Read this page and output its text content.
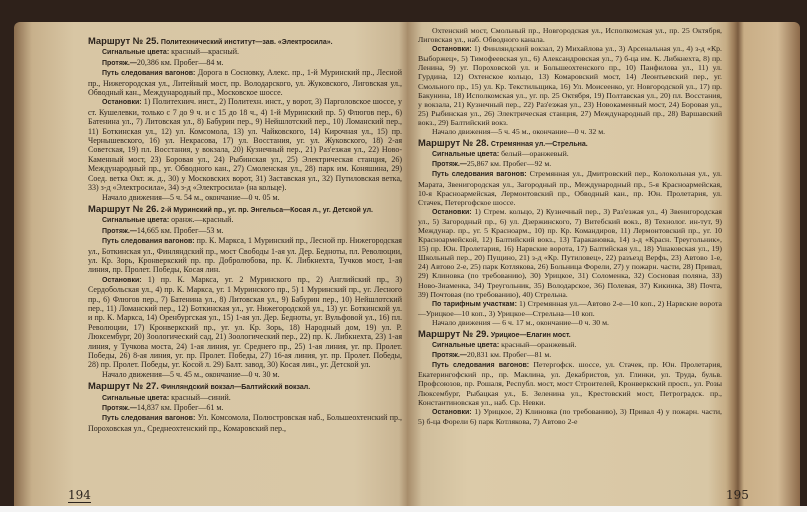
Маршрут № 25. Политехнический институт—зав. «Электросила».

Сигнальные цвета: красный—красный.

Протяж.—20,386 км. Пробег—84 м.

Путь следования вагонов: Дорога в Сосновку, Алекс. пр., 1-й Муринский пр., Лесной пр., Нижегородская ул., Литейный мост, пр. Володарского, ул. Жуковского, Лиговская ул., Обводный кан., Международный пр., Московское шоссе.

Остановки: 1) Политехнич. инст., 2) Политехн. инст., у ворот, 3) Парголовское шоссе, у ст. Кушелевки, только с 7 до 9 ч. и с 15 до 18 ч., 4) 1-й Муринский пр. 5) Флюгов пер., 6) Батенина ул., 7) Литовская ул., 8) Бабурин пер., 9) Нейшлотский пер., 10) Ломанский пер., 11) Боткинская ул., 12) ул. Комсомола, 13) ул. Чайковского, 14) Кирочная ул., 15) пр. Чернышевского, 16) ул. Некрасова, 17) ул. Восстания, уг. ул. Жуковского, 18) 2-ая Советская, 19) пл. Восстания, у вокзала, 20) Кузнечный пер., 21) Раз'езжая ул., 22) Ново-Каменный мост, 23) Боровая ул., 24) Рыбинская ул., 25) Электрическая станция, 26) Международный пр., уг. Обводного кан., 27) Смоленская ул., 28) парк им. Коняшина, 29) Соед. ветка Окт. ж. д., 30) у Московских ворот, 31) Заставская ул., 32) Путиловская ветка, 33) з-д «Электросила», 34) з-д «Электросила» (на кольце).

Начало движения—5 ч. 54 м., окончание—0 ч. 05 м.

Маршрут № 26. 2-й Муринский пр., уг. пр. Энгельса—Косая л., уг. Детской ул.

Сигнальные цвета: оранж.—красный.

Протяж.—14,665 км. Пробег—53 м.

Путь следования вагонов: пр. К. Маркса, 1 Муринский пр., Лесной пр. Нижегородская ул., Боткинская ул., Финляндский пр., мост Свободы 1-ая ул. Дер. Бедноты, пл. Революции, ул. Кр. Зорь, Кронверкский пр. пр. Добролюбова, пр. К. Либкнехта, Тучков мост, 1-ая линия, пр. Пролет. Победы, Косая лин.

Остановки: 1) пр. К. Маркса, уг. 2 Муринского пр., 2) Английский пр., 3) Сердобольская ул., 4) пр. К. Маркса, уг. 1 Муринского пр., 5) 1 Муринский пр., уг. Лесного пр., 6) Флюгов пер., 7) Батенина ул., 8) Литовская ул., 9) Бабурин пер., 10) Нейшлотский пер., 11) Ломанский пер., 12) Боткинская ул., уг. Нижегородской ул., 13) уг. Боткинской ул. и пр. К. Маркса, 14) Оренбургская ул., 15) 1-ая ул. Дер. Бедноты, уг. Вульфовой ул., 16) пл. Революции, 17) Кронверкский пр., уг. ул. Кр. Зорь, 18) Народный дом, 19) ул. Р. Люксембург, 20) Зоологический сад, 21) Зоологический пер., 22) пр. К. Либкнехта, 23) 1-ая линия, у Тучкова моста, 24) 1-ая линия, уг. Среднего пр., 25) 1-ая линия, уг. пр. Пролет. Победы, 26) 8-ая линия, уг. пр. Пролет. Победы, 27) 16-ая линия, уг. пр. Пролет. Победы, 28) пр. Пролет. Победы, уг. Косой л. 29) Балт. завод, 30) Косая лин., уг. Детской ул.

Начало движения—5 ч. 45 м., окончание—0 ч. 30 м.

Маршрут № 27. Финляндский вокзал—Балтийский вокзал.

Сигнальные цвета: красный—синий.

Протяж.—14,837 км. Пробег—61 м.

Путь следования вагонов: Ул. Комсомола, Полюстровская наб., Большеохтенский пр., Пороховская ул., Среднеохтенский пр., Комаровский пер.,

194

Охтенский мост, Смольный пр., Новгородская ул., Исполкомская ул., пр. 25 Октября, Лиговская ул., наб. Обводного канала.

Остановки: 1) Финляндский вокзал, 2) Михайлова ул., 3) Арсенальная ул., 4) з-д «Кр. Выборжец», 5) Тимофеевская ул., 6) Александровская ул., 7) б-ца им. К. Либкнехта, 8) пр. Ленина, 9) уг. Пороховской ул. и Большеохтенского пр., 10) Панфилова ул., 11) ул. Гурдина, 12) Охтенское кольцо, 13) Комаровский мост, 14) Леонтьевский пер., уг. Смольного пр., 15) ул. Кр. Текстильщика, 16) Ул. Моисеенко, уг. Новгородской ул., 17) пр. Бакунина, 18) Исполкомская ул., уг. пр. 25 Октября, 19) Полтавская ул., 20) пл. Восстания, у вокзала, 21) Кузнечный пер., 22) Раз'езжая ул., 23) Новокаменный мост, 24) Боровая ул., 25) Рыбинская ул., 26) Электрическая станция, 27) Международный пр., 28) Варшавский вокз., 29) Балтийский вокз.

Начало движения—5 ч. 45 м., окончание—0 ч. 32 м.

Маршрут № 28. Стремянная ул.—Стрельна.

Сигнальные цвета: белый—оранжевый.

Протяж.—25,867 км. Пробег—92 м.

Путь следования вагонов: Стремянная ул., Дмитровский пер., Колокольная ул., ул. Марата, Звенигородская ул., Загородный пр., Международный пр., 5-я Красноармейская, 10-я Красноармейская, Лермонтовский пр., Обводный кан., пр. Юн. Пролетария, ул. Стачек, Петергофское шоссе.

Остановки: 1) Стрем. кольцо, 2) Кузнечный пер., 3) Раз'езжая ул., 4) Звенигородская ул., 5) Загородный пр., 6) ул. Дзержинского, 7) Витебский вокз., 8) Технолог. ин-тут, 9) Междунар. пр., уг. 5 Красноарм., 10) пр. Кр. Командиров, 11) Лермонтовский пр., уг. 10 Красноармейской, 12) Балтийский вокз., 13) Таракановка, 14) з-д «Красн. Треугольник», 15) пр. Юн. Пролетария, 16) Нарвские ворота, 17) Балтийская ул., 18) Ушаковская ул., 19) Школьный пер., 20) Пущино, 21) з-д «Кр. Путиловец», 22) разъезд Верфь, 23) Автово 1-е, 24) Автово 2-е, 25) парк Котлякова, 26) Больница Форели, 27) у пожарн. части, 28) Привал, 29) Клиновка (по требованию), 30) Урицкое, 31) Соломенка, 32) Сосновая поляна, 33) Ново-Знаменка, 34) Треугольник, 35) Володарское, 36) Полевая, 37) Кикинка, 38) Почта, 39) Почтовая (по требованию), 40) Стрельна.

По тарифным участкам: 1) Стремянная ул.—Автово 2-е—10 коп., 2) Нарвские ворота—Урицкое—10 коп., 3) Урицкое—Стрельна—10 коп.

Начало движения — 6 ч. 17 м., окончание—0 ч. 30 м.

Маршрут № 29. Урицкое—Елагин мост.

Сигнальные цвета: красный—оранжевый.

Протяж.—20,831 км. Пробег—81 м.

Путь следования вагонов: Петергофск. шоссе, ул. Стачек, пр. Юн. Пролетария, Екатерингофский пр., пр. Маклина, ул. Декабристов, ул. Глинки, ул. Труда, бульв. Профсоюзов, пр. Рошаля, Республ. мост, мост Строителей, Кронверкский просп., ул. Розы Люксембург, Рыбацкая ул., Б. Зеленина ул., Крестовский мост, Петроградск. пр., Константиновская ул., наб. Ср. Невки.

Остановки: 1) Урицкое, 2) Клиновка (по требованию), 3) Привал 4) у пожарн. части, 5) б-ца Форели 6) парк Котлякова, 7) Автово 2-е

195
